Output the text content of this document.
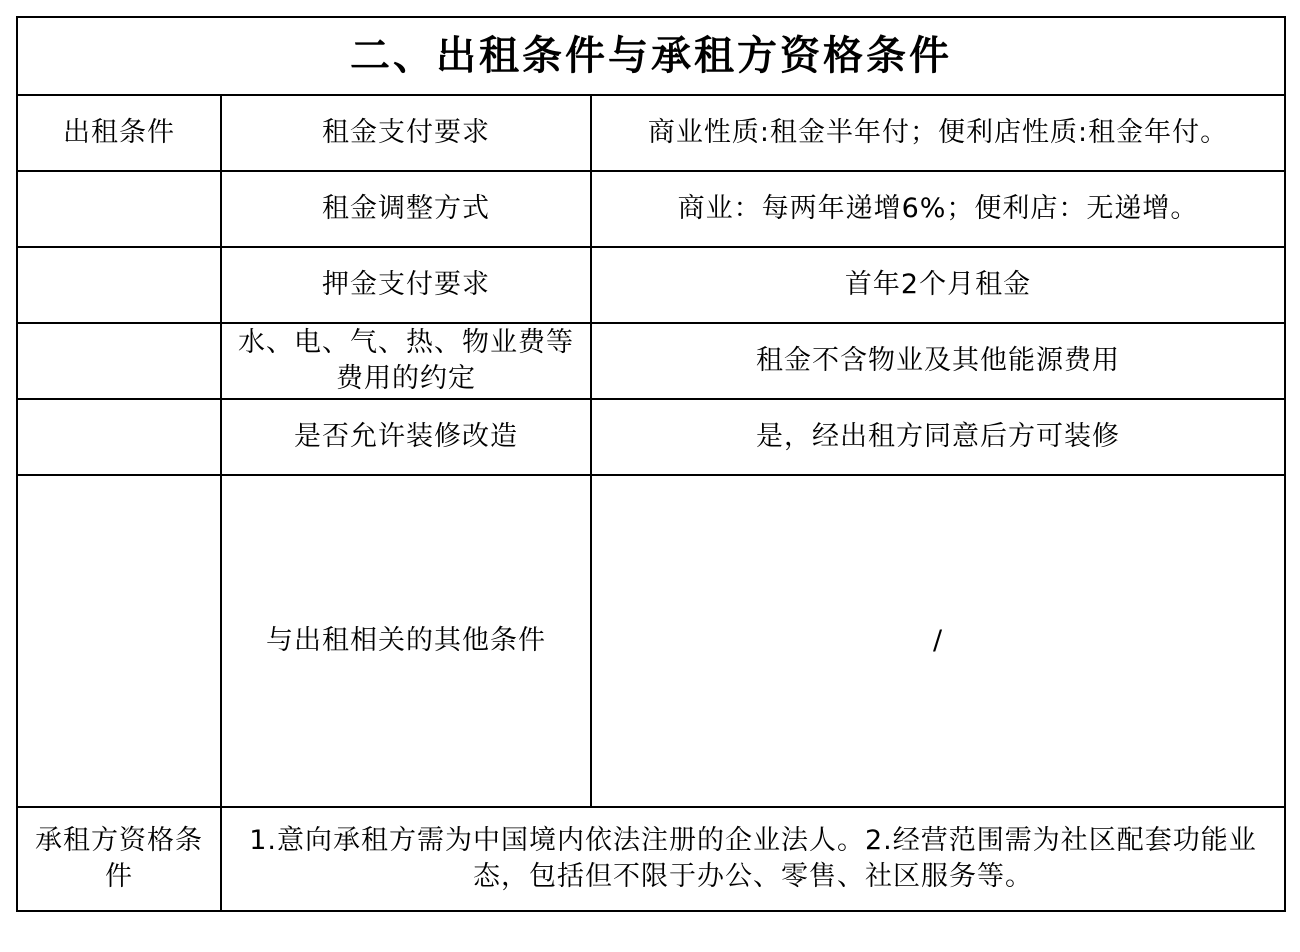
二、出租条件与承租方资格条件		
出租条件	租金支付要求	商业性质:租金半年付；便利店性质:租金年付。
	租金调整方式	商业：每两年递增6%；便利店：无递增。
	押金支付要求	首年2个月租金
	水、电、气、热、物业费等费用的约定	租金不含物业及其他能源费用
	是否允许装修改造	是，经出租方同意后方可装修
	与出租相关的其他条件	/
承租方资格条件	1.意向承租方需为中国境内依法注册的企业法人。2.经营范围需为社区配套功能业态，包括但不限于办公、零售、社区服务等。	
